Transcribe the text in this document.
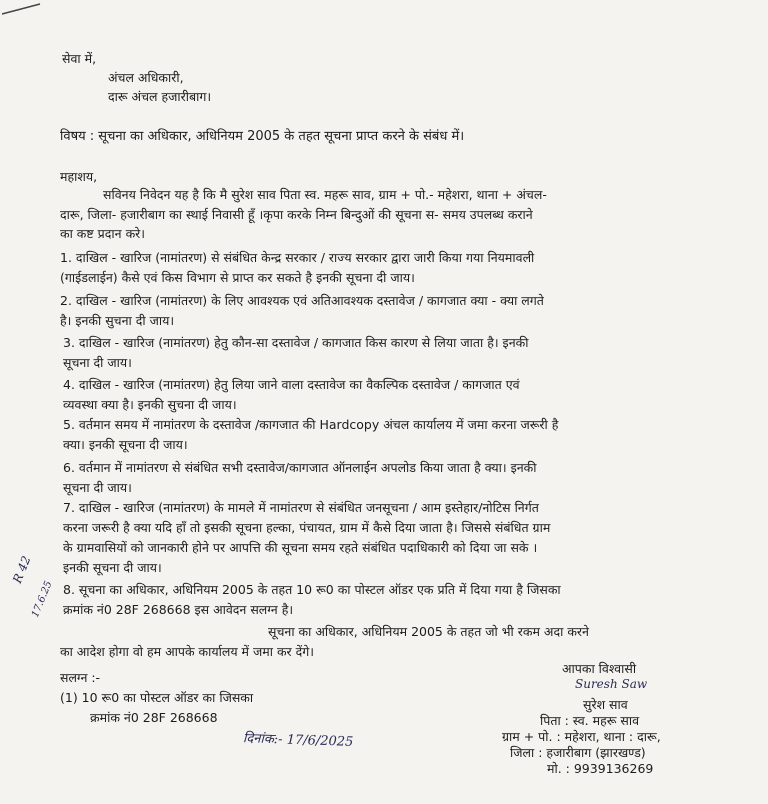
सेवा में,
अंचल अधिकारी,
दारू अंचल हजारीबाग।
विषय : सूचना का अधिकार, अधिनियम 2005 के तहत सूचना प्राप्त करने के संबंध में।
महाशय,
सविनय निवेदन यह है कि मै सुरेश साव पिता स्व. महरू साव, ग्राम + पो.- महेशरा, थाना + अंचल-
दारू, जिला- हजारीबाग का स्थाई निवासी हूँ ।कृपा करके निम्न बिन्दुओं की सूचना स- समय उपलब्ध कराने
का कष्ट प्रदान करे।
1. दाखिल - खारिज (नामांतरण) से संबंधित केन्द्र सरकार / राज्य सरकार द्वारा जारी किया गया नियमावली
(गाईडलाईन) कैसे एवं किस विभाग से प्राप्त कर सकते है इनकी सूचना दी जाय।
2. दाखिल - खारिज (नामांतरण) के लिए आवश्यक एवं अतिआवश्यक दस्तावेज / कागजात क्या - क्या लगते
है। इनकी सुचना दी जाय।
3. दाखिल - खारिज (नामांतरण) हेतु कौन-सा दस्तावेज / कागजात किस कारण से लिया जाता है। इनकी
सूचना दी जाय।
4. दाखिल - खारिज (नामांतरण) हेतु लिया जाने वाला दस्तावेज का वैकल्पिक दस्तावेज / कागजात एवं
व्यवस्था क्या है। इनकी सुचना दी जाय।
5. वर्तमान समय में नामांतरण के दस्तावेज /कागजात की Hardcopy अंचल कार्यालय में जमा करना जरूरी है
क्या। इनकी सूचना दी जाय।
6. वर्तमान में नामांतरण से संबंधित सभी दस्तावेज/कागजात ऑनलाईन अपलोड किया जाता है क्या। इनकी
सूचना दी जाय।
7. दाखिल - खारिज (नामांतरण) के मामले में नामांतरण से संबंधित जनसूचना / आम इस्तेहार/नोटिस निर्गत
करना जरूरी है क्या यदि हाँ तो इसकी सूचना हल्का, पंचायत, ग्राम में कैसे दिया जाता है। जिससे संबंधित ग्राम
के ग्रामवासियों को जानकारी होने पर आपत्ति की सूचना समय रहते संबंधित पदाधिकारी को दिया जा सके ।
इनकी सूचना दी जाय।
8. सूचना का अधिकार, अधिनियम 2005 के तहत 10 रू0 का पोस्टल ऑडर एक प्रति में दिया गया है जिसका
क्रमांक नं0 28F 268668 इस आवेदन सलग्न है।
R 42
17.6.25
सूचना का अधिकार, अधिनियम 2005 के तहत जो भी रकम अदा करने
का आदेश होगा वो हम आपके कार्यालय में जमा कर देंगे।
सलग्न :-
(1) 10 रू0 का पोस्टल ऑडर का जिसका
क्रमांक नं0 28F 268668
दिनांक:- 17/6/2025
आपका विश्वासी
Suresh Saw
सुरेश साव
पिता : स्व. महरू साव
ग्राम + पो. : महेशरा, थाना : दारू,
जिला : हजारीबाग (झारखण्ड)
मो. : 9939136269
